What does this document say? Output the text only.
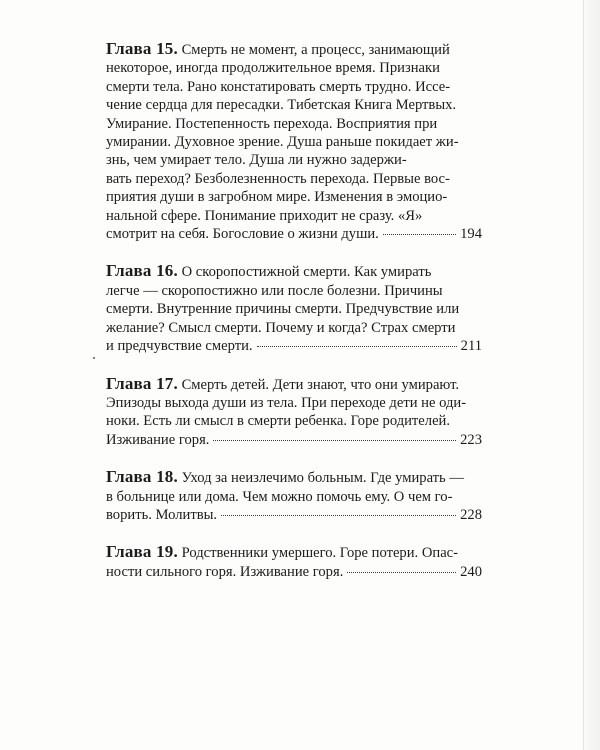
Глава 15. Смерть не момент, а процесс, занимающий

некоторое, иногда продолжительное время. Признаки

смерти тела. Рано констатировать смерть трудно. Иссе-

чение сердца для пересадки. Тибетская Книга Мертвых.

Умирание. Постепенность перехода. Восприятия при

умирании. Духовное зрение. Душа раньше покидает жи-

знь, чем умирает тело. Душа ли нужно задержи-

вать переход? Безболезненность перехода. Первые вос-

приятия души в загробном мире. Изменения в эмоцио-

нальной сфере. Понимание приходит не сразу. «Я»

смотрит на себя. Богословие о жизни души.	194

Глава 16. О скоропостижной смерти. Как умирать

легче — скоропостижно или после болезни. Причины

смерти. Внутренние причины смерти. Предчувствие или

желание? Смысл смерти. Почему и когда? Страх смерти

и предчувствие смерти.	211

Глава 17. Смерть детей. Дети знают, что они умирают.

Эпизоды выхода души из тела. При переходе дети не оди-

ноки. Есть ли смысл в смерти ребенка. Горе родителей.

Изживание горя.	223

Глава 18. Уход за неизлечимо больным. Где умирать —

в больнице или дома. Чем можно помочь ему. О чем го-

ворить. Молитвы.	228

Глава 19. Родственники умершего. Горе потери. Опас-

ности сильного горя. Изживание горя.	240
